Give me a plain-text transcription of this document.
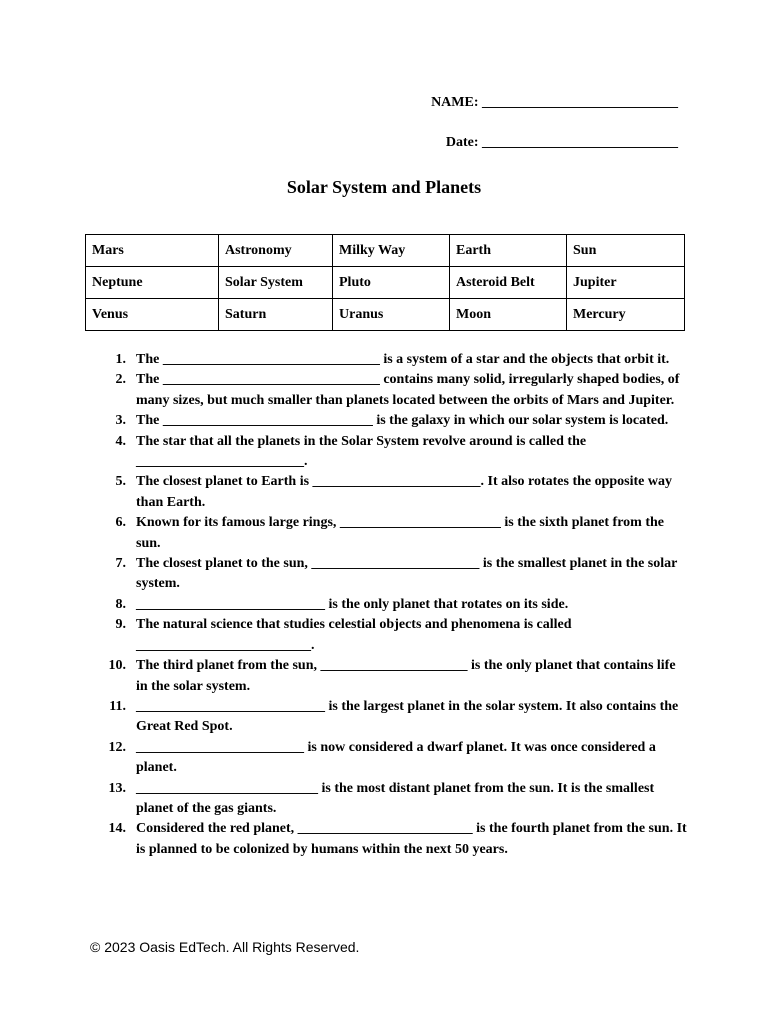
NAME: ____________________________
Date: ____________________________
Solar System and Planets
Mars	Astronomy	Milky Way	Earth	Sun
Neptune	Solar System	Pluto	Asteroid Belt	Jupiter
Venus	Saturn	Uranus	Moon	Mercury
1. The _______________________________ is a system of a star and the objects that orbit it.
2. The _______________________________ contains many solid, irregularly shaped bodies, of many sizes, but much smaller than planets located between the orbits of Mars and Jupiter.
3. The ______________________________ is the galaxy in which our solar system is located.
4. The star that all the planets in the Solar System revolve around is called the ________________________.
5. The closest planet to Earth is ________________________. It also rotates the opposite way than Earth.
6. Known for its famous large rings, _______________________ is the sixth planet from the sun.
7. The closest planet to the sun, ________________________ is the smallest planet in the solar system.
8. ___________________________ is the only planet that rotates on its side.
9. The natural science that studies celestial objects and phenomena is called _________________________.
10. The third planet from the sun, _____________________ is the only planet that contains life in the solar system.
11. ___________________________ is the largest planet in the solar system. It also contains the Great Red Spot.
12. ________________________ is now considered a dwarf planet. It was once considered a planet.
13. __________________________ is the most distant planet from the sun. It is the smallest planet of the gas giants.
14. Considered the red planet, _________________________ is the fourth planet from the sun. It is planned to be colonized by humans within the next 50 years.
© 2023 Oasis EdTech. All Rights Reserved.
